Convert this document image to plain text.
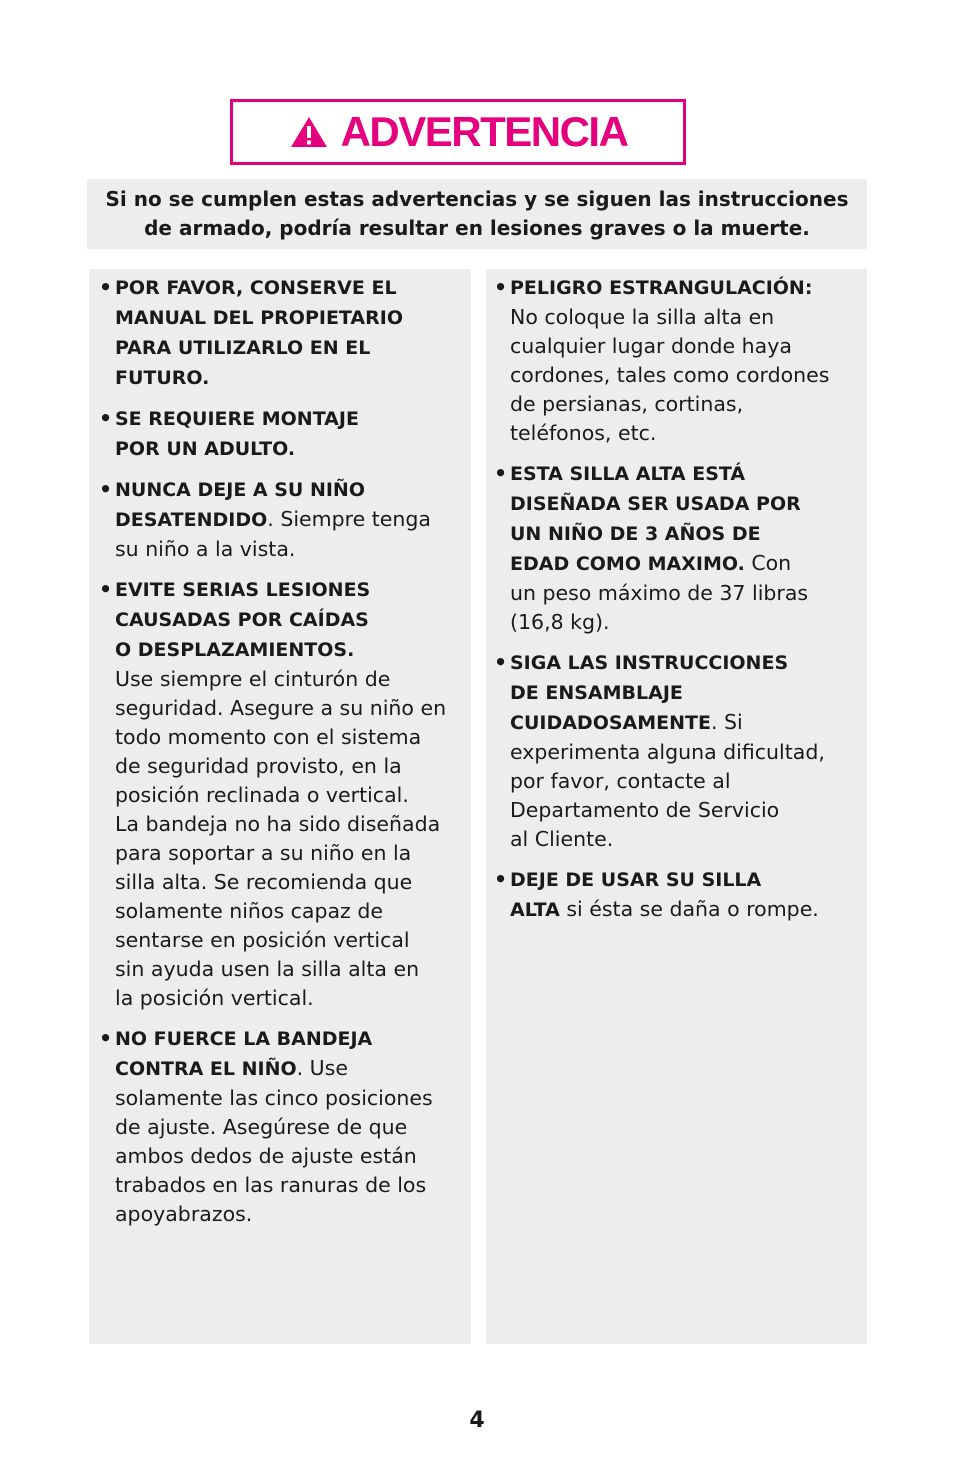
ADVERTENCIA
Si no se cumplen estas advertencias y se siguen las instrucciones
de armado, podría resultar en lesiones graves o la muerte.
• POR FAVOR, CONSERVE EL
MANUAL DEL PROPIETARIO
PARA UTILIZARLO EN EL
FUTURO.
• SE REQUIERE MONTAJE
POR UN ADULTO.
• NUNCA DEJE A SU NIÑO
DESATENDIDO. Siempre tenga
su niño a la vista.
• EVITE SERIAS LESIONES
CAUSADAS POR CAÍDAS
O DESPLAZAMIENTOS.
Use siempre el cinturón de
seguridad. Asegure a su niño en
todo momento con el sistema
de seguridad provisto, en la
posición reclinada o vertical.
La bandeja no ha sido diseñada
para soportar a su niño en la
silla alta. Se recomienda que
solamente niños capaz de
sentarse en posición vertical
sin ayuda usen la silla alta en
la posición vertical.
• NO FUERCE LA BANDEJA
CONTRA EL NIÑO. Use
solamente las cinco posiciones
de ajuste. Asegúrese de que
ambos dedos de ajuste están
trabados en las ranuras de los
apoyabrazos.
• PELIGRO ESTRANGULACIÓN:
No coloque la silla alta en
cualquier lugar donde haya
cordones, tales como cordones
de persianas, cortinas,
teléfonos, etc.
• ESTA SILLA ALTA ESTÁ
DISEÑADA SER USADA POR
UN NIÑO DE 3 AÑOS DE
EDAD COMO MAXIMO. Con
un peso máximo de 37 libras
(16,8 kg).
• SIGA LAS INSTRUCCIONES
DE ENSAMBLAJE
CUIDADOSAMENTE. Si
experimenta alguna dificultad,
por favor, contacte al
Departamento de Servicio
al Cliente.
• DEJE DE USAR SU SILLA
ALTA si ésta se daña o rompe.
4
